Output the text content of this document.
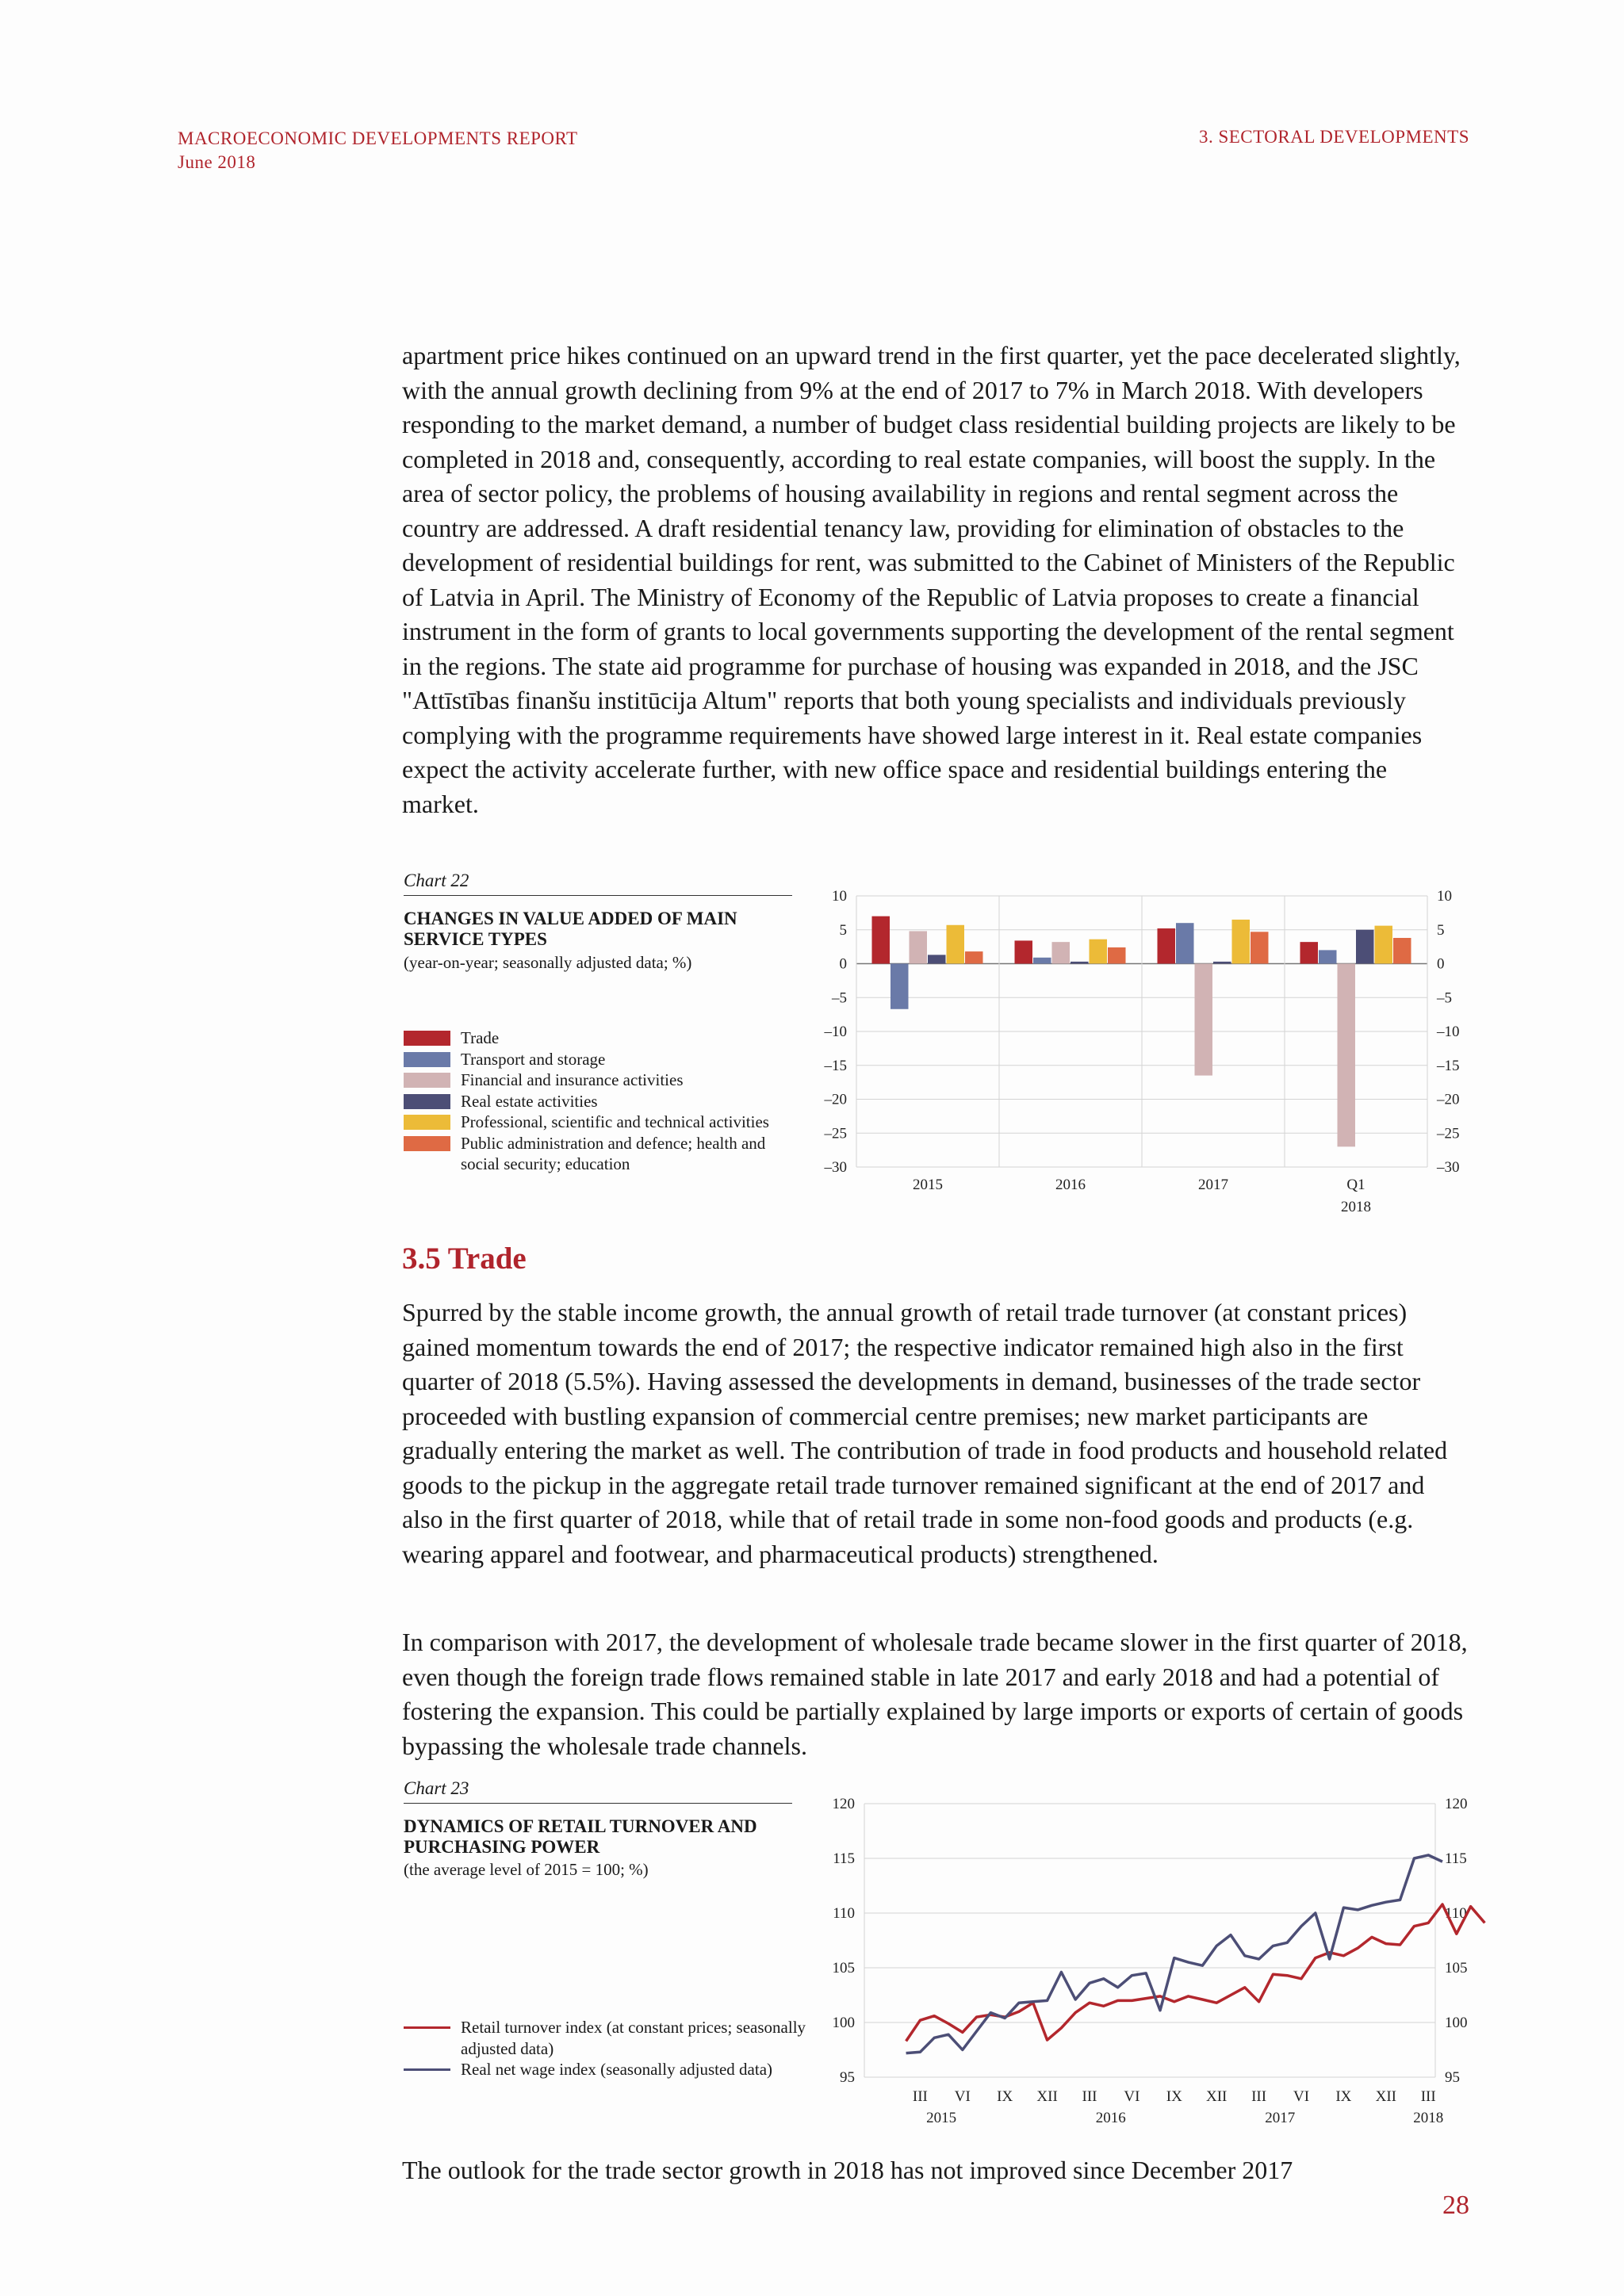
MACROECONOMIC DEVELOPMENTS REPORT
June 2018
3. SECTORAL DEVELOPMENTS

apartment price hikes continued on an upward trend in the first quarter, yet the pace decelerated slightly, with the annual growth declining from 9% at the end of 2017 to 7% in March 2018. With developers responding to the market demand, a number of budget class residential building projects are likely to be completed in 2018 and, consequently, according to real estate companies, will boost the supply. In the area of sector policy, the problems of housing availability in regions and rental segment across the country are addressed. A draft residential tenancy law, providing for elimination of obstacles to the development of residential buildings for rent, was submitted to the Cabinet of Ministers of the Republic of Latvia in April. The Ministry of Economy of the Republic of Latvia proposes to create a financial instrument in the form of grants to local governments supporting the development of the rental segment in the regions. The state aid programme for purchase of housing was expanded in 2018, and the JSC "Attīstības finanšu institūcija Altum" reports that both young specialists and individuals previously complying with the programme requirements have showed large interest in it. Real estate companies expect the activity accelerate further, with new office space and residential buildings entering the market.

Chart 22
CHANGES IN VALUE ADDED OF MAIN SERVICE TYPES
(year-on-year; seasonally adjusted data; %)
Trade
Transport and storage
Financial and insurance activities
Real estate activities
Professional, scientific and technical activities
Public administration and defence; health and social security; education
10	10
5	5
0	0
–5	–5
–10	–10
–15	–15
–20	–20
–25	–25
–30	–30
2015	2016	2017	Q1
2018
3.5 Trade

Spurred by the stable income growth, the annual growth of retail trade turnover (at constant prices) gained momentum towards the end of 2017; the respective indicator remained high also in the first quarter of 2018 (5.5%). Having assessed the developments in demand, businesses of the trade sector proceeded with bustling expansion of commercial centre premises; new market participants are gradually entering the market as well. The contribution of trade in food products and household related goods to the pickup in the aggregate retail trade turnover remained significant at the end of 2017 and also in the first quarter of 2018, while that of retail trade in some non-food goods and products (e.g. wearing apparel and footwear, and pharmaceutical products) strengthened.

In comparison with 2017, the development of wholesale trade became slower in the first quarter of 2018, even though the foreign trade flows remained stable in late 2017 and early 2018 and had a potential of fostering the expansion. This could be partially explained by large imports or exports of certain of goods bypassing the wholesale trade channels.

Chart 23
DYNAMICS OF RETAIL TURNOVER AND PURCHASING POWER
(the average level of 2015 = 100; %)
Retail turnover index (at constant prices; seasonally adjusted data)
Real net wage index (seasonally adjusted data)
120	120
115	115
110	110
105	105
100	100
95	95
III VI IX XII III VI IX XII III VI IX XII III
2015	2016	2017	2018

The outlook for the trade sector growth in 2018 has not improved since December 2017

28
